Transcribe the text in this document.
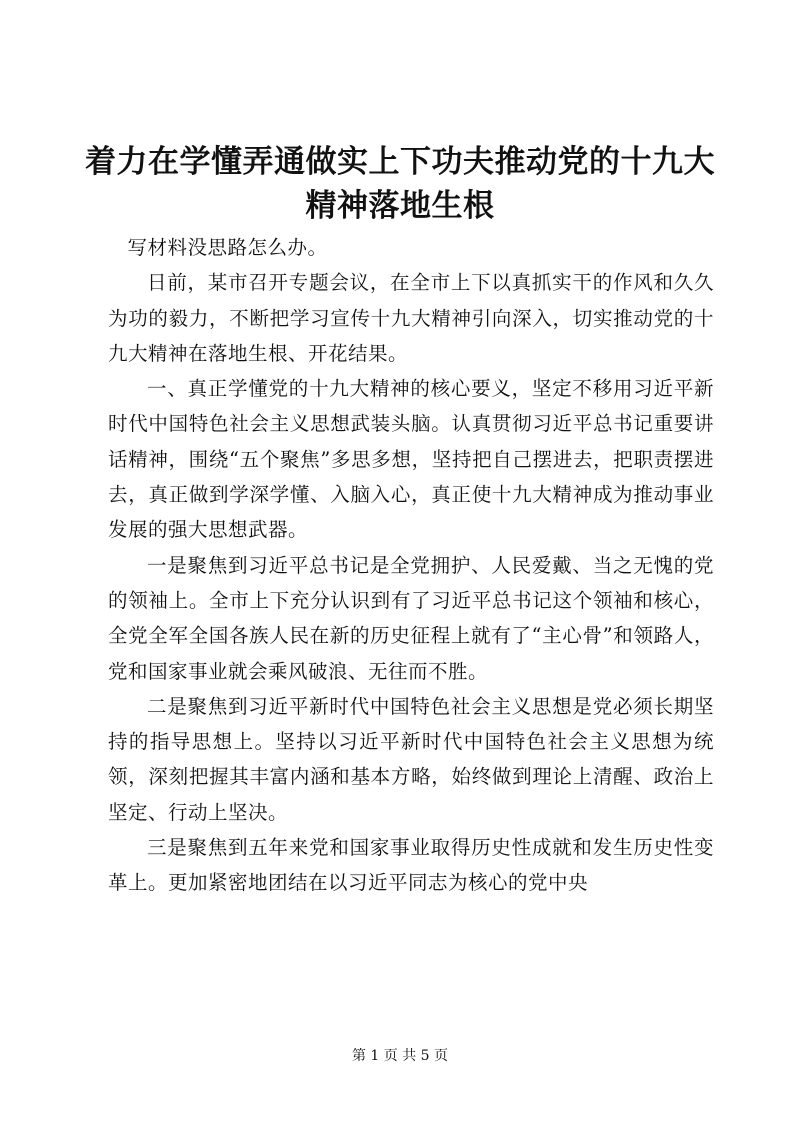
着力在学懂弄通做实上下功夫推动党的十九大精神落地生根

写材料没思路怎么办。

日前，某市召开专题会议，在全市上下以真抓实干的作风和久久为功的毅力，不断把学习宣传十九大精神引向深入，切实推动党的十九大精神在落地生根、开花结果。

一、真正学懂党的十九大精神的核心要义，坚定不移用习近平新时代中国特色社会主义思想武装头脑。认真贯彻习近平总书记重要讲话精神，围绕“五个聚焦”多思多想，坚持把自己摆进去，把职责摆进去，真正做到学深学懂、入脑入心，真正使十九大精神成为推动事业发展的强大思想武器。

一是聚焦到习近平总书记是全党拥护、人民爱戴、当之无愧的党的领袖上。全市上下充分认识到有了习近平总书记这个领袖和核心，全党全军全国各族人民在新的历史征程上就有了“主心骨”和领路人，党和国家事业就会乘风破浪、无往而不胜。

二是聚焦到习近平新时代中国特色社会主义思想是党必须长期坚持的指导思想上。坚持以习近平新时代中国特色社会主义思想为统领，深刻把握其丰富内涵和基本方略，始终做到理论上清醒、政治上坚定、行动上坚决。

三是聚焦到五年来党和国家事业取得历史性成就和发生历史性变革上。更加紧密地团结在以习近平同志为核心的党中央

第 1 页 共 5 页
